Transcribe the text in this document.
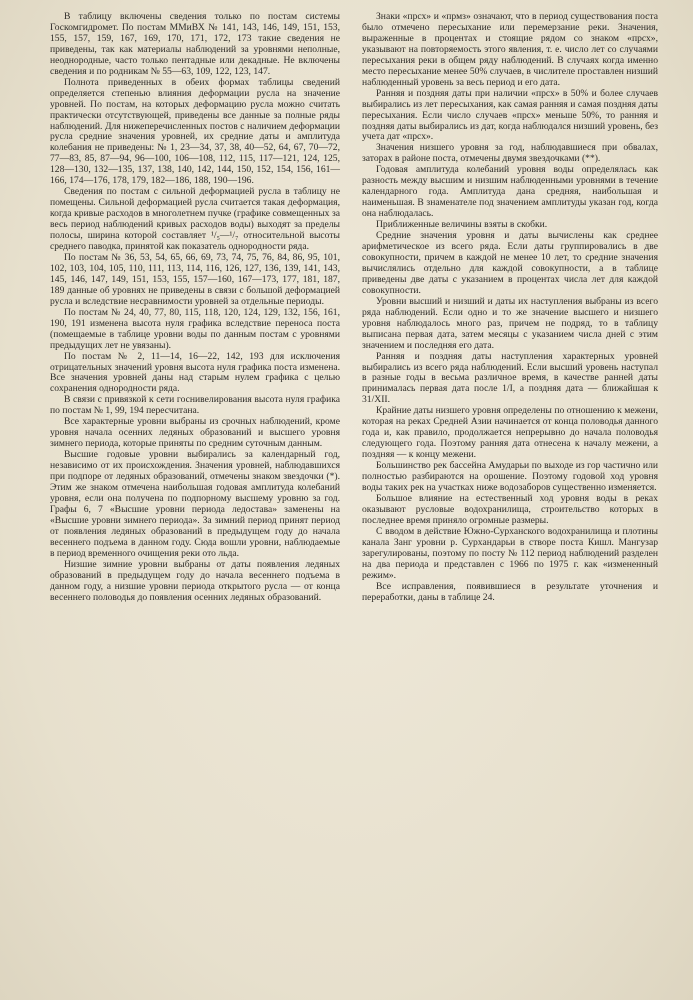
В таблицу включены сведения только по постам системы Госкомгидромет. По постам ММиВХ № 141, 143, 146, 149, 151, 153, 155, 157, 159, 167, 169, 170, 171, 172, 173 такие сведения не приведены, так как материалы наблюдений за уровнями неполные, неоднородные, часто только пентадные или декадные. Не включены сведения и по родникам № 55—63, 109, 122, 123, 147.

Полнота приведенных в обеих формах таблицы сведений определяется степенью влияния деформации русла на значение уровней. По постам, на которых деформацию русла можно считать практически отсутствующей, приведены все данные за полные ряды наблюдений. Для нижеперечисленных постов с наличием деформации русла средние значения уровней, их средние даты и амплитуда колебания не приведены: № 1, 23—34, 37, 38, 40—52, 64, 67, 70—72, 77—83, 85, 87—94, 96—100, 106—108, 112, 115, 117—121, 124, 125, 128—130, 132—135, 137, 138, 140, 142, 144, 150, 152, 154, 156, 161—166, 174—176, 178, 179, 182—186, 188, 190—196.

Сведения по постам с сильной деформацией русла в таблицу не помещены. Сильной деформацией русла считается такая деформация, когда кривые расходов в многолетнем пучке (графике совмещенных за весь период наблюдений кривых расходов воды) выходят за пределы полосы, ширина которой составляет ¹/₅—¹/₇ относительной высоты среднего паводка, принятой как показатель однородности ряда.

По постам № 36, 53, 54, 65, 66, 69, 73, 74, 75, 76, 84, 86, 95, 101, 102, 103, 104, 105, 110, 111, 113, 114, 116, 126, 127, 136, 139, 141, 143, 145, 146, 147, 149, 151, 153, 155, 157—160, 167—173, 177, 181, 187, 189 данные об уровнях не приведены в связи с большой деформацией русла и вследствие несравнимости уровней за отдельные периоды.

По постам № 24, 40, 77, 80, 115, 118, 120, 124, 129, 132, 156, 161, 190, 191 изменена высота нуля графика вследствие переноса поста (помещаемые в таблице уровни воды по данным постам с уровнями предыдущих лет не увязаны).

По постам № 2, 11—14, 16—22, 142, 193 для исключения отрицательных значений уровня высота нуля графика поста изменена. Все значения уровней даны над старым нулем графика с целью сохранения однородности ряда.

В связи с привязкой к сети госнивелирования высота нуля графика по постам № 1, 99, 194 пересчитана.

Все характерные уровни выбраны из срочных наблюдений, кроме уровня начала осенних ледяных образований и высшего уровня зимнего периода, которые приняты по средним суточным данным.

Высшие годовые уровни выбирались за календарный год, независимо от их происхождения. Значения уровней, наблюдавшихся при подпоре от ледяных образований, отмечены знаком звездочки (*). Этим же знаком отмечена наибольшая годовая амплитуда колебаний уровня, если она получена по подпорному высшему уровню за год. Графы 6, 7 «Высшие уровни периода ледостава» заменены на «Высшие уровни зимнего периода». За зимний период принят период от появления ледяных образований в предыдущем году до начала весеннего подъема в данном году. Сюда вошли уровни, наблюдаемые в период временного очищения реки ото льда.

Низшие зимние уровни выбраны от даты появления ледяных образований в предыдущем году до начала весеннего подъема в данном году, а низшие уровни периода открытого русла — от конца весеннего половодья до появления осенних ледяных образований.

Знаки «прсх» и «прмз» означают, что в период существования поста было отмечено пересыхание или перемерзание реки. Значения, выраженные в процентах и стоящие рядом со знаком «прсх», указывают на повторяемость этого явления, т. е. число лет со случаями пересыхания реки в общем ряду наблюдений. В случаях когда именно место пересыхание менее 50% случаев, в числителе проставлен низший наблюденный уровень за весь период и его дата.

Ранняя и поздняя даты при наличии «прсх» в 50% и более случаев выбирались из лет пересыхания, как самая ранняя и самая поздняя даты пересыхания. Если число случаев «прсх» меньше 50%, то ранняя и поздняя даты выбирались из дат, когда наблюдался низший уровень, без учета дат «прсх».

Значения низшего уровня за год, наблюдавшиеся при обвалах, заторах в районе поста, отмечены двумя звездочками (**).

Годовая амплитуда колебаний уровня воды определялась как разность между высшим и низшим наблюденными уровнями в течение календарного года. Амплитуда дана средняя, наибольшая и наименьшая. В знаменателе под значением амплитуды указан год, когда она наблюдалась.

Приближенные величины взяты в скобки.

Средние значения уровня и даты вычислены как среднее арифметическое из всего ряда. Если даты группировались в две совокупности, причем в каждой не менее 10 лет, то средние значения вычислялись отдельно для каждой совокупности, а в таблице приведены две даты с указанием в процентах числа лет для каждой совокупности.

Уровни высший и низший и даты их наступления выбраны из всего ряда наблюдений. Если одно и то же значение высшего и низшего уровня наблюдалось много раз, причем не подряд, то в таблицу выписана первая дата, затем месяцы с указанием числа дней с этим значением и последняя его дата.

Ранняя и поздняя даты наступления характерных уровней выбирались из всего ряда наблюдений. Если высший уровень наступал в разные годы в весьма различное время, в качестве ранней даты принималась первая дата после 1/I, а поздняя дата — ближайшая к 31/XII.

Крайние даты низшего уровня определены по отношению к межени, которая на реках Средней Азии начинается от конца половодья данного года и, как правило, продолжается непрерывно до начала половодья следующего года. Поэтому ранняя дата отнесена к началу межени, а поздняя — к концу межени.

Большинство рек бассейна Амударьи по выходе из гор частично или полностью разбираются на орошение. Поэтому годовой ход уровня воды таких рек на участках ниже водозаборов существенно изменяется.

Большое влияние на естественный ход уровня воды в реках оказывают русловые водохранилища, строительство которых в последнее время приняло огромные размеры.

С вводом в действие Южно-Сурханского водохранилища и плотины канала Занг уровни р. Сурхандарьи в створе поста Кишл. Мангузар зарегулированы, поэтому по посту № 112 период наблюдений разделен на два периода и представлен с 1966 по 1975 г. как «измененный режим».

Все исправления, появившиеся в результате уточнения и переработки, даны в таблице 24.
